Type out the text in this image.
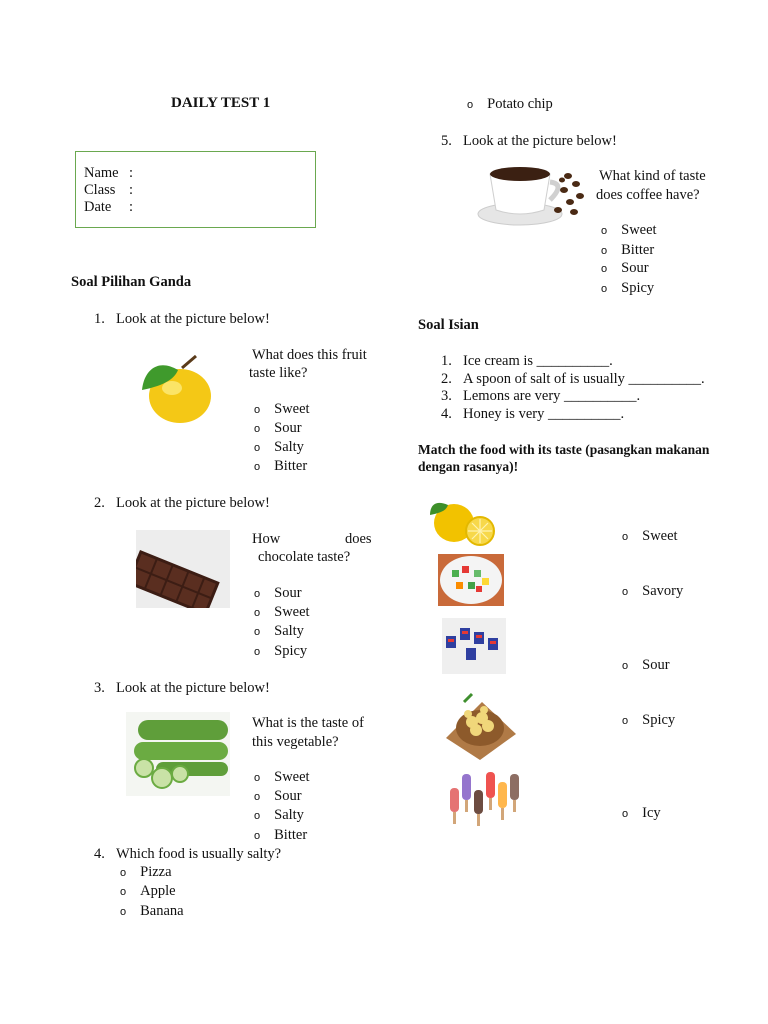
DAILY TEST 1
Name :
Class :
Date :
Soal Pilihan Ganda
1. Look at the picture below!
What does this fruit
taste like?
o Sweet
o Sour
o Salty
o Bitter
2. Look at the picture below!
How	does
chocolate taste?
o Sour
o Sweet
o Salty
o Spicy
3. Look at the picture below!
What is the taste of
this vegetable?
o Sweet
o Sour
o Salty
o Bitter
4. Which food is usually salty?
o Pizza
o Apple
o Banana
o Potato chip
5. Look at the picture below!
What kind of taste
does coffee have?
o Sweet
o Bitter
o Sour
o Spicy
Soal Isian
1. Ice cream is __________.
2. A spoon of salt of is usually __________.
3. Lemons are very __________.
4. Honey is very __________.
Match the food with its taste (pasangkan makanan
dengan rasanya)!
o Sweet
o Savory
o Sour
o Spicy
o Icy
